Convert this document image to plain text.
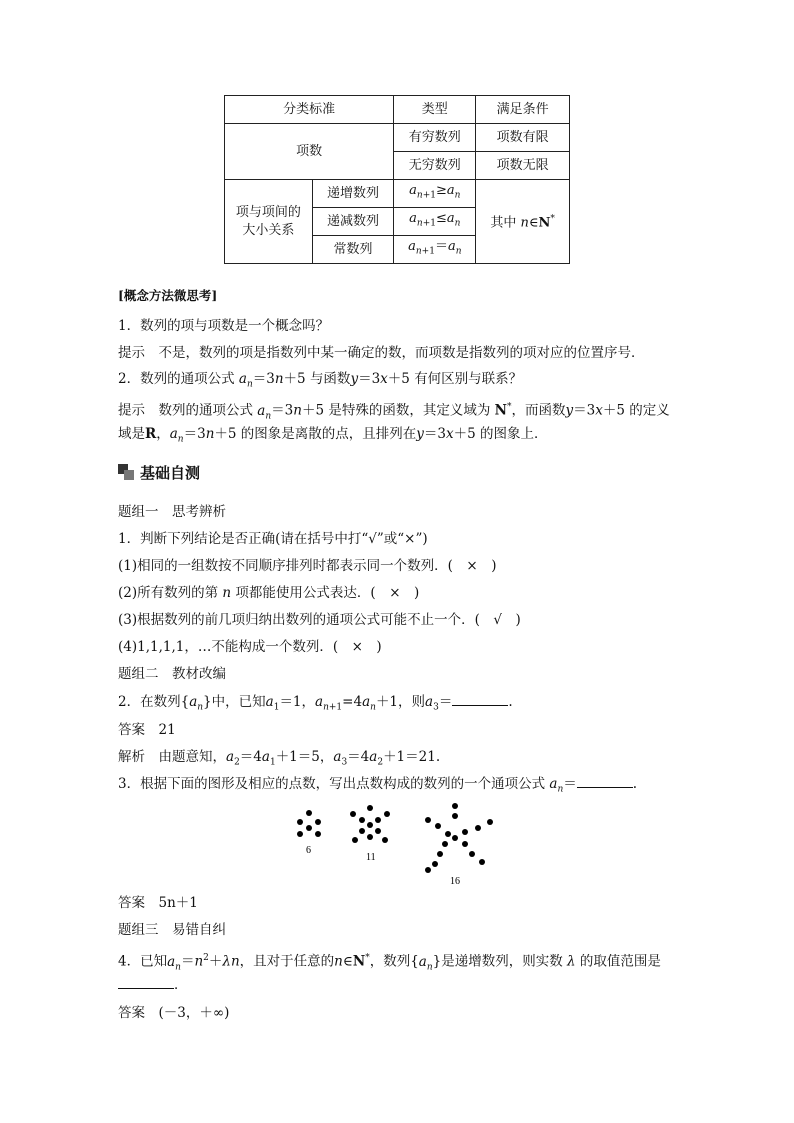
分类标准		类型	满足条件
项数		有穷数列	项数有限
		无穷数列	项数无限
项与项间的
大小关系	递增数列	$a_{n+1}\ge a_n$	其中 n∈N*
	递减数列	$a_{n+1}\le a_n$
	常数列	$a_{n+1}=a_n$
[概念方法微思考]
1．数列的项与项数是一个概念吗？
提示　不是，数列的项是指数列中某一确定的数，而项数是指数列的项对应的位置序号．
2．数列的通项公式 $a_n=3n+5$ 与函数y＝3x＋5 有何区别与联系？
提示　数列的通项公式 $a_n=3n+5$ 是特殊的函数，其定义域为 N*，而函数y＝3x＋5 的定义
域是R，$a_n=3n+5$ 的图象是离散的点，且排列在y＝3x＋5 的图象上．
基础自测
题组一　思考辨析
1．判断下列结论是否正确(请在括号中打“√”或“×”)
(1)相同的一组数按不同顺序排列时都表示同一个数列．(　×　)
(2)所有数列的第 n 项都能使用公式表达．(　×　)
(3)根据数列的前几项归纳出数列的通项公式可能不止一个．(　√　)
(4)1,1,1,1，…不能构成一个数列．(　×　)
题组二　教材改编
2．在数列$\{a_n\}$中，已知$a_1=1$，$a_{n+1}=4a_n+1$，则$a_3=$	.
答案　21
解析　由题意知，$a_2=4a_1+1=5$，$a_3=4a_2+1=21$.
3．根据下面的图形及相应的点数，写出点数构成的数列的一个通项公式 $a_n=$	.
6
11
16
答案　5n＋1
题组三　易错自纠
4．已知$a_n=n^2+\lambda n$，且对于任意的n∈N*，数列$\{a_n\}$是递增数列，则实数 λ 的取值范围是
．
答案　(－3，＋∞)
